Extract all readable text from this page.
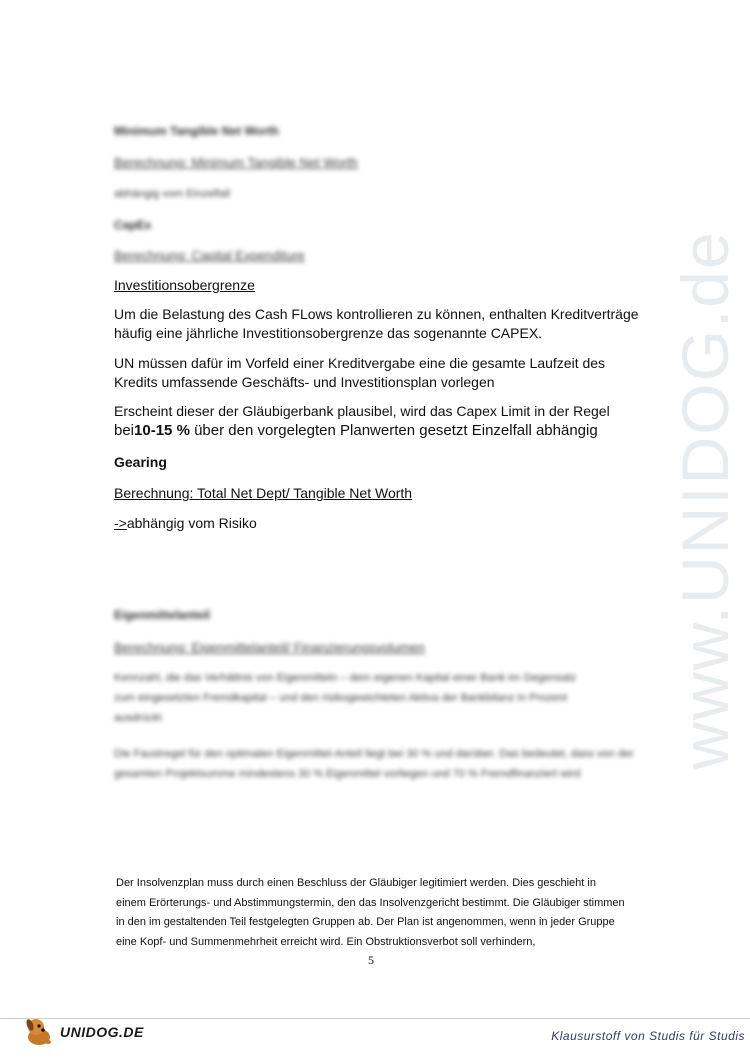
www.UNIDOG.de
Minimum Tangible Net Worth
Berechnung: Minimum Tangible Net Worth
abhängig vom Einzelfall
CapEx
Berechnung: Capital Expenditure
Investitionsobergrenze
Um die Belastung des Cash FLows kontrollieren zu können, enthalten Kreditverträge häufig eine jährliche Investitionsobergrenze das sogenannte CAPEX.
UN müssen dafür im Vorfeld einer Kreditvergabe eine die gesamte Laufzeit des Kredits umfassende Geschäfts- und Investitionsplan vorlegen
Erscheint dieser der Gläubigerbank plausibel, wird das Capex Limit in der Regel
bei10-15 % über den vorgelegten Planwerten gesetzt Einzelfall abhängig
Gearing
Berechnung: Total Net Dept/ Tangible Net Worth
->abhängig vom Risiko
Eigenmittelanteil
Berechnung: Eigenmittelanteil/ Finanzierungsvolumen
Kennzahl, die das Verhältnis von Eigenmitteln – dem eigenen Kapital einer Bank im Gegensatz zum eingesetzten Fremdkapital – und den risikogewichteten Aktiva der Bankbilanz in Prozent ausdrückt
Die Faustregel für den optimalen Eigenmittel-Anteil liegt bei 30 % und darüber. Das bedeutet, dass von der gesamten Projektsumme mindestens 30 % Eigenmittel vorliegen und 70 % Fremdfinanziert wird
Der Insolvenzplan muss durch einen Beschluss der Gläubiger legitimiert werden. Dies geschieht in einem Erörterungs- und Abstimmungstermin, den das Insolvenzgericht bestimmt. Die Gläubiger stimmen in den im gestaltenden Teil festgelegten Gruppen ab. Der Plan ist angenommen, wenn in jeder Gruppe eine Kopf- und Summenmehrheit erreicht wird. Ein Obstruktionsverbot soll verhindern,
5
UNIDOG.DE	Klausurstoff von Studis für Studis
